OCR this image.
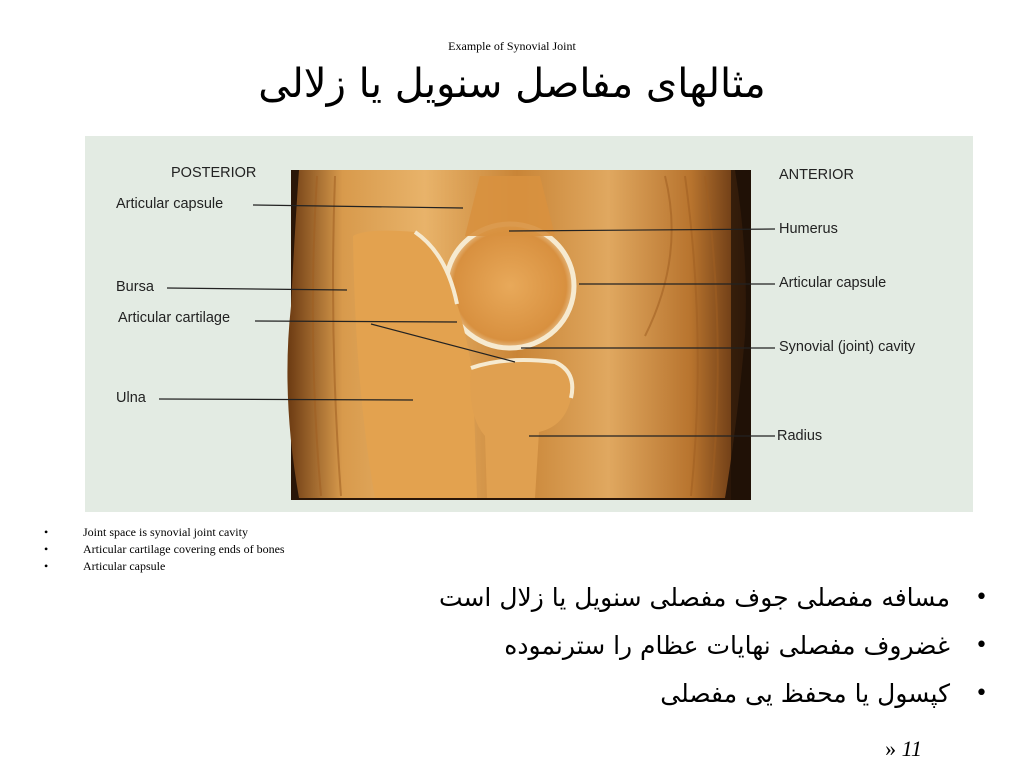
Example of Synovial Joint
مثالهای مفاصل سنویل یا زلالی
POSTERIOR	ANTERIOR
Articular capsule
Bursa
Articular cartilage
Ulna
Humerus
Articular capsule
Synovial (joint) cavity
Radius
• Joint space is synovial joint cavity
• Articular cartilage covering ends of bones
• Articular capsule
• مسافه مفصلی جوف مفصلی سنویل یا زلال است
• غضروف مفصلی نهایات عظام را سترنموده
• کپسول یا محفظ یی مفصلی
» 11
